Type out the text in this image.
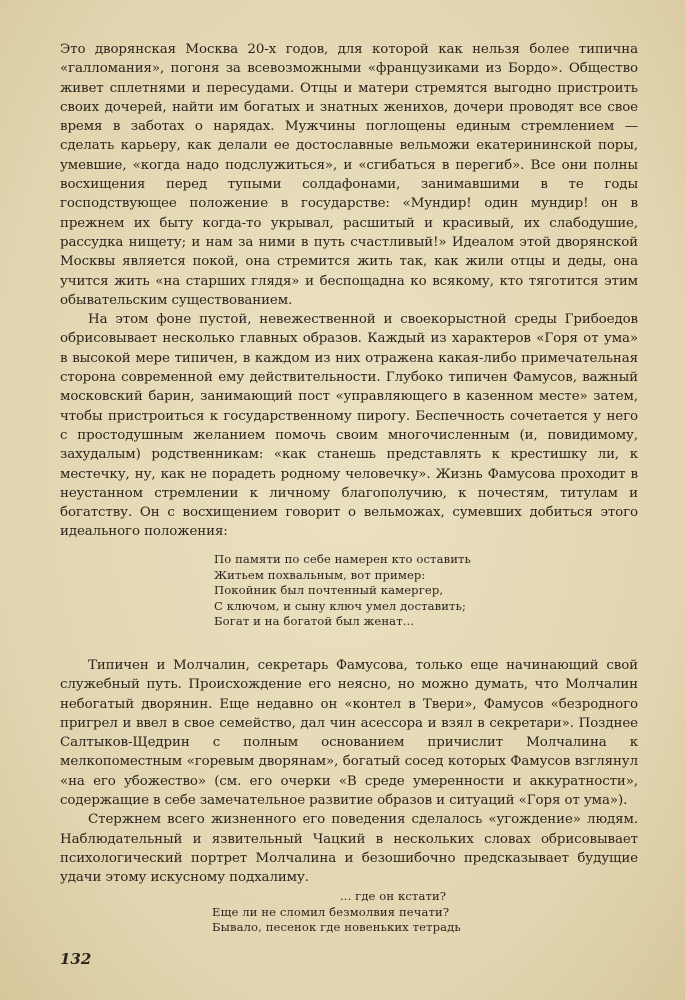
Это дворянская Москва 20-х годов, для которой как нельзя более типична «галломания», погоня за всевозможными «французиками из Бордо». Общество живет сплетнями и пересудами. Отцы и матери стремятся выгодно пристроить своих дочерей, найти им богатых и знатных женихов, дочери проводят все свое время в заботах о нарядах. Мужчины поглощены единым стремлением — сделать карьеру, как делали ее достославные вельможи екатерининской поры, умевшие, «когда надо подслужиться», и «сгибаться в перегиб». Все они полны восхищения перед тупыми солдафонами, занимавшими в те годы господствующее положение в государстве: «Мундир! один мундир! он в прежнем их быту когда-то укрывал, расшитый и красивый, их слабодушие, рассудка нищету; и нам за ними в путь счастливый!» Идеалом этой дворянской Москвы является покой, она стремится жить так, как жили отцы и деды, она учится жить «на старших глядя» и беспощадна ко всякому, кто тяготится этим обывательским существованием.

На этом фоне пустой, невежественной и своекорыстной среды Грибоедов обрисовывает несколько главных образов. Каждый из характеров «Горя от ума» в высокой мере типичен, в каждом из них отражена какая-либо примечательная сторона современной ему действительности. Глубоко типичен Фамусов, важный московский барин, занимающий пост «управляющего в казенном месте» затем, чтобы пристроиться к государственному пирогу. Беспечность сочетается у него с простодушным желанием помочь своим многочисленным (и, повидимому, захудалым) родственникам: «как станешь представлять к крестишку ли, к местечку, ну, как не порадеть родному человечку». Жизнь Фамусова проходит в неустанном стремлении к личному благополучию, к почестям, титулам и богатству. Он с восхищением говорит о вельможах, сумевших добиться этого идеального положения:

По памяти по себе намерен кто оставить
Житьем похвальным, вот пример:
Покойник был почтенный камергер,
С ключом, и сыну ключ умел доставить;
Богат и на богатой был женат...

Типичен и Молчалин, секретарь Фамусова, только еще начинающий свой служебный путь. Происхождение его неясно, но можно думать, что Молчалин небогатый дворянин. Еще недавно он «контел в Твери», Фамусов «безродного пригрел и ввел в свое семейство, дал чин асессора и взял в секретари». Позднее Салтыков-Щедрин с полным основанием причислит Молчалина к мелкопоместным «горевым дворянам», богатый сосед которых Фамусов взглянул «на его убожество» (см. его очерки «В среде умеренности и аккуратности», содержащие в себе замечательное развитие образов и ситуаций «Горя от ума»).

Стержнем всего жизненного его поведения сделалось «угождение» людям. Наблюдательный и язвительный Чацкий в нескольких словах обрисовывает психологический портрет Молчалина и безошибочно предсказывает будущие удачи этому искусному подхалиму.

... где он кстати?
Еще ли не сломил безмолвия печати?
Бывало, песенок где новеньких тетрадь
132
